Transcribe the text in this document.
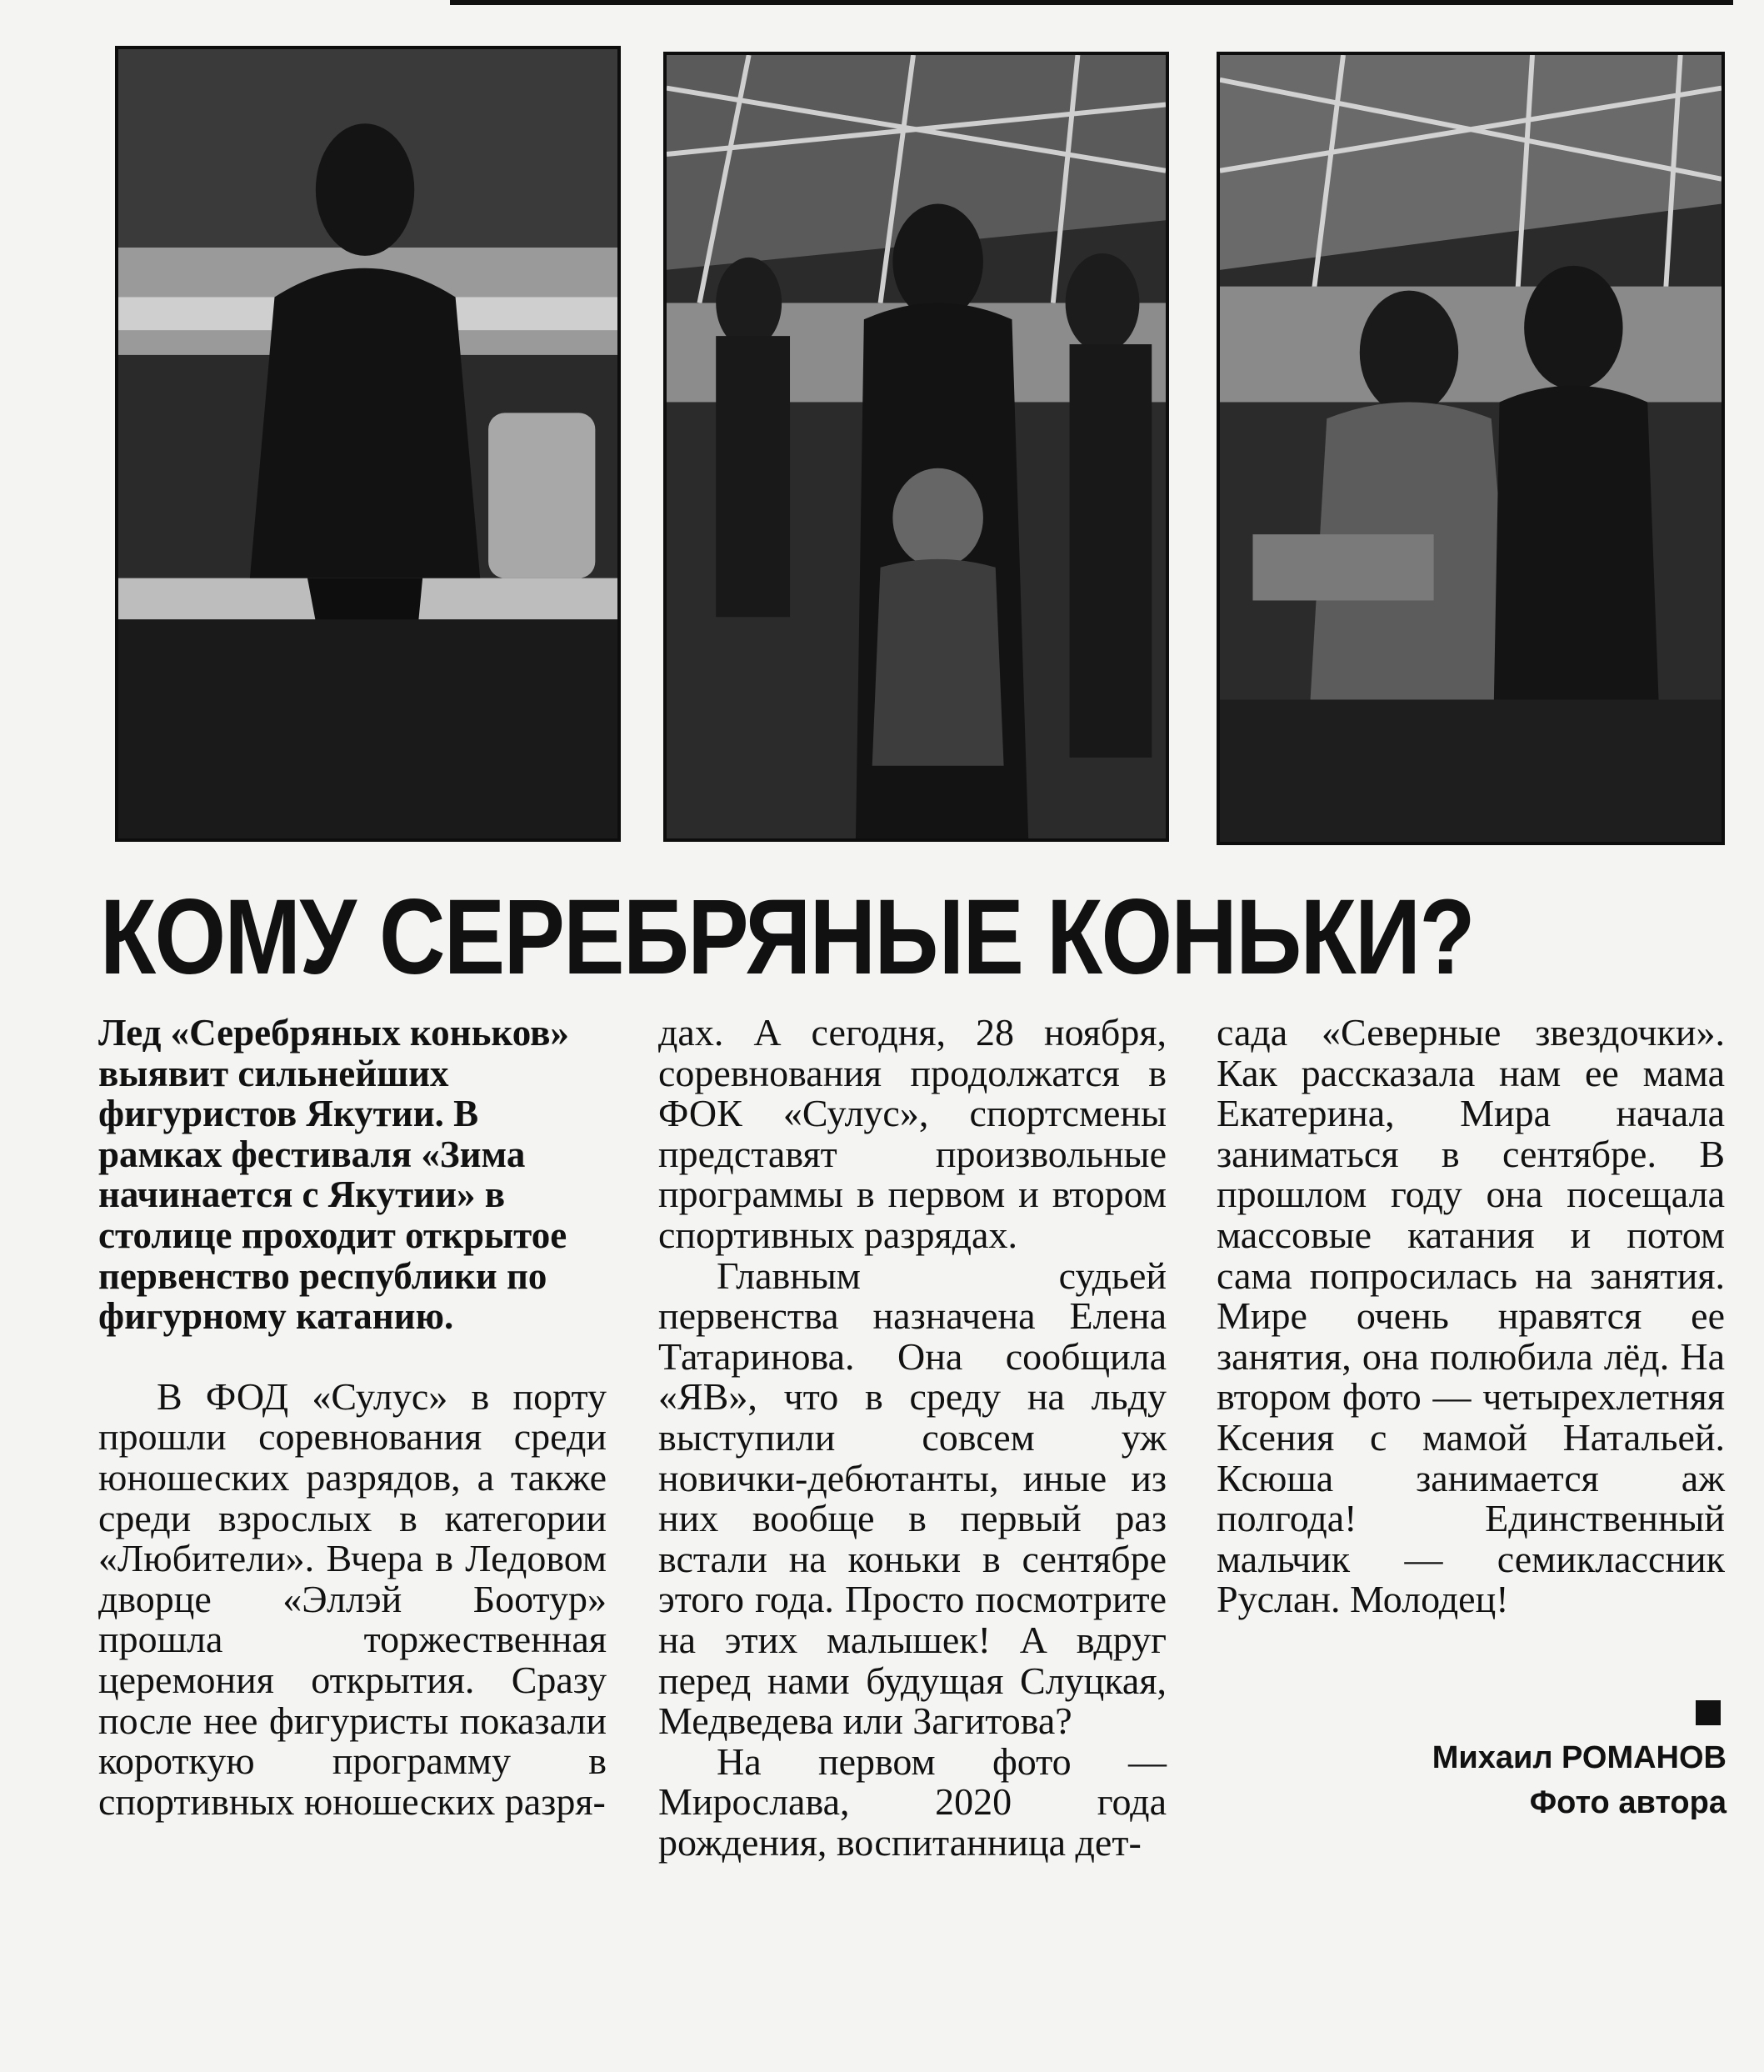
КОМУ СЕРЕБРЯНЫЕ КОНЬКИ?

Лед «Серебряных коньков» выявит сильнейших фигуристов Якутии. В рамках фестиваля «Зима начинается с Якутии» в столице проходит открытое первенство республики по фигурному катанию.

В ФОД «Сулус» в порту прошли соревнования среди юношеских разрядов, а также среди взрослых в категории «Любители». Вчера в Ледовом дворце «Эллэй Боотур» прошла торжественная церемония открытия. Сразу после нее фигуристы показали короткую программу в спортивных юношеских разря-

дах. А сегодня, 28 ноября, соревнования продолжатся в ФОК «Сулус», спортсмены представят произвольные программы в первом и втором спортивных разрядах.

Главным судьей первенства назначена Елена Татаринова. Она сообщила «ЯВ», что в среду на льду выступили совсем уж новички-дебютанты, иные из них вообще в первый раз встали на коньки в сентябре этого года. Просто посмотрите на этих малышек! А вдруг перед нами будущая Слуцкая, Медведева или Загитова?

На первом фото — Мирослава, 2020 года рождения, воспитанница дет-

сада «Северные звездочки». Как рассказала нам ее мама Екатерина, Мира начала заниматься в сентябре. В прошлом году она посещала массовые катания и потом сама попросилась на занятия. Мире очень нравятся ее занятия, она полюбила лёд. На втором фото — четырехлетняя Ксения с мамой Натальей. Ксюша занимается аж полгода! Единственный мальчик — семиклассник Руслан. Молодец!

Михаил РОМАНОВ
Фото автора
